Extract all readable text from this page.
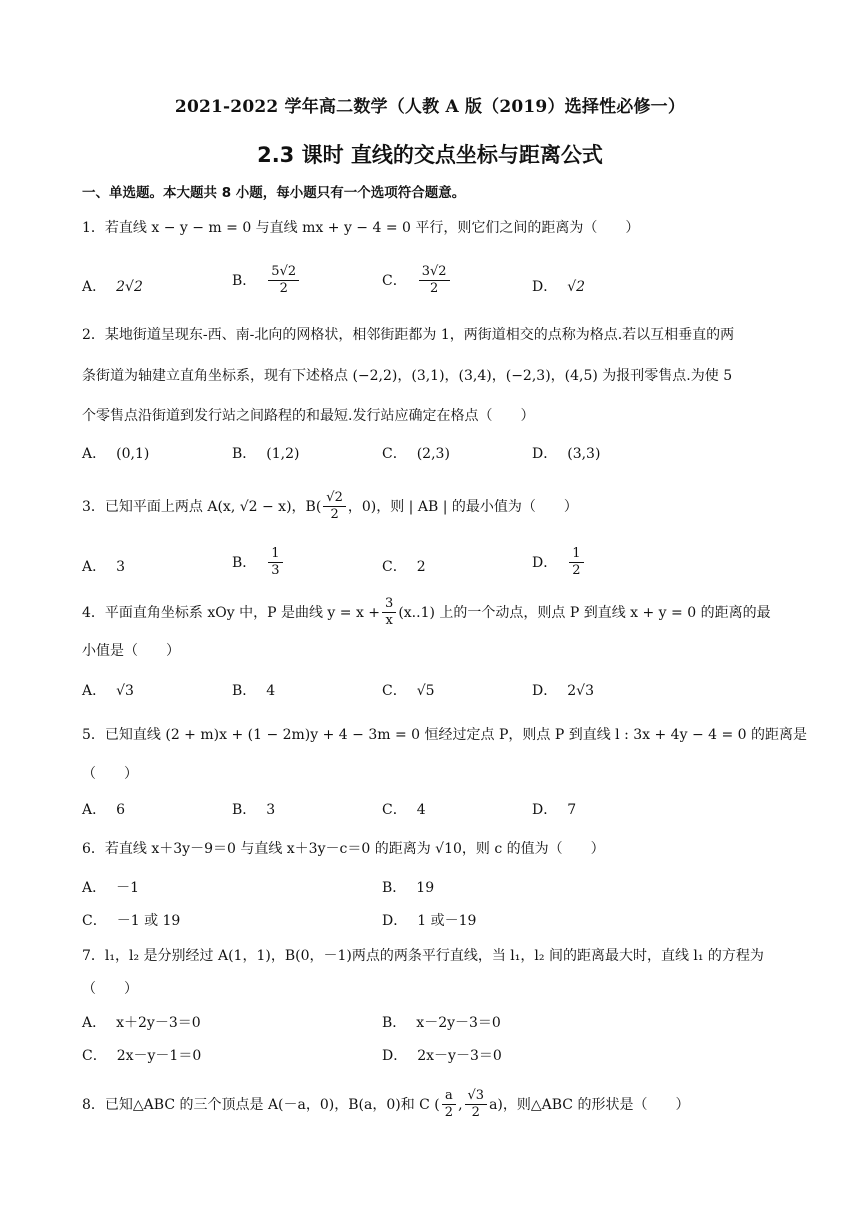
2021-2022 学年高二数学（人教 A 版（2019）选择性必修一）
2.3 课时 直线的交点坐标与距离公式
一、单选题。本大题共 8 小题，每小题只有一个选项符合题意。
1．若直线 x − y − m = 0 与直线 mx + y − 4 = 0 平行，则它们之间的距离为（　　）
A． 2√2	B． $\frac{5√2}{2}$	C． $\frac{3√2}{2}$	D． √2
2．某地街道呈现东-西、南-北向的网格状，相邻街距都为 1，两街道相交的点称为格点.若以互相垂直的两
条街道为轴建立直角坐标系，现有下述格点 (−2,2)，(3,1)，(3,4)，(−2,3)，(4,5) 为报刊零售点.为使 5
个零售点沿街道到发行站之间路程的和最短.发行站应确定在格点（　　）
A． (0,1)	B． (1,2)	C． (2,3)	D． (3,3)
3．已知平面上两点 A(x, √2 − x)，$B( \frac{√2}{2}$ ，0)，则 | AB | 的最小值为（　　）
A． 3	B． $\frac{1}{3}$	C． 2	D． $\frac{1}{2}$
4．平面直角坐标系 xOy 中，P 是曲线 $y = x + \frac{3}{x} (x..1)$ 上的一个动点，则点 P 到直线 x + y = 0 的距离的最
小值是（　　）
A． √3	B． 4	C． √5	D． 2√3
5．已知直线 (2 + m)x + (1 − 2m)y + 4 − 3m = 0 恒经过定点 P，则点 P 到直线 l : 3x + 4y − 4 = 0 的距离是
（　　）
A． 6	B． 3	C． 4	D． 7
6．若直线 x＋3y－9＝0 与直线 x＋3y－c＝0 的距离为 √10，则 c 的值为（　　）
A． －1	B． 19
C． －1 或 19	D． 1 或－19
7．l₁，l₂ 是分别经过 A(1，1)，B(0，－1)两点的两条平行直线，当 l₁，l₂ 间的距离最大时，直线 l₁ 的方程为
（　　）
A． x＋2y－3＝0	B． x－2y－3＝0
C． 2x－y－1＝0	D． 2x－y－3＝0
8．已知△ABC 的三个顶点是 A(－a，0)，B(a，0)和 C ( $\frac{a}{2}$ , $\frac{√3}{2} a$)，则△ABC 的形状是（　　）
